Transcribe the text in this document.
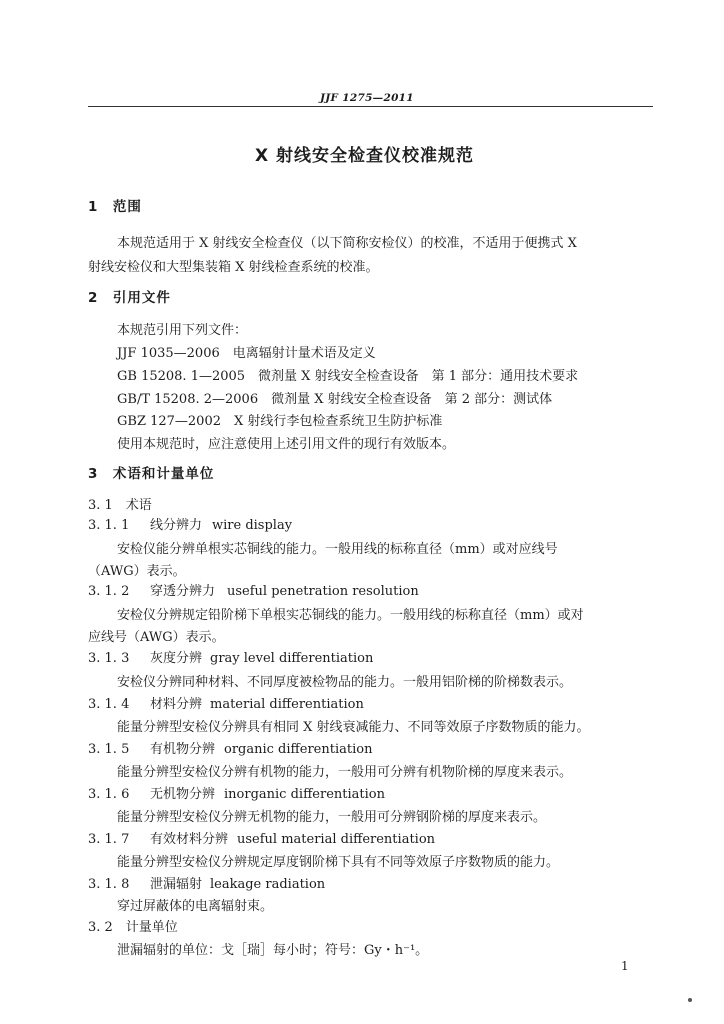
JJF 1275—2011
X 射线安全检查仪校准规范
1　范围
本规范适用于 X 射线安全检查仪（以下简称安检仪）的校准，不适用于便携式 X
射线安检仪和大型集装箱 X 射线检查系统的校准。
2　引用文件
本规范引用下列文件：
JJF 1035—2006　电离辐射计量术语及定义
GB 15208. 1—2005　微剂量 X 射线安全检查设备　第 1 部分：通用技术要求
GB/T 15208. 2—2006　微剂量 X 射线安全检查设备　第 2 部分：测试体
GBZ 127—2002　X 射线行李包检查系统卫生防护标准
使用本规范时，应注意使用上述引用文件的现行有效版本。
3　术语和计量单位
3. 1　术语
3. 1. 1 线分辨力 wire display
安检仪能分辨单根实芯铜线的能力。一般用线的标称直径（mm）或对应线号
（AWG）表示。
3. 1. 2 穿透分辨力 useful penetration resolution
安检仪分辨规定铅阶梯下单根实芯铜线的能力。一般用线的标称直径（mm）或对
应线号（AWG）表示。
3. 1. 3 灰度分辨 gray level differentiation
安检仪分辨同种材料、不同厚度被检物品的能力。一般用铝阶梯的阶梯数表示。
3. 1. 4 材料分辨 material differentiation
能量分辨型安检仪分辨具有相同 X 射线衰减能力、不同等效原子序数物质的能力。
3. 1. 5 有机物分辨 organic differentiation
能量分辨型安检仪分辨有机物的能力，一般用可分辨有机物阶梯的厚度来表示。
3. 1. 6 无机物分辨 inorganic differentiation
能量分辨型安检仪分辨无机物的能力，一般用可分辨钢阶梯的厚度来表示。
3. 1. 7 有效材料分辨 useful material differentiation
能量分辨型安检仪分辨规定厚度钢阶梯下具有不同等效原子序数物质的能力。
3. 1. 8 泄漏辐射 leakage radiation
穿过屏蔽体的电离辐射束。
3. 2　计量单位
泄漏辐射的单位：戈［瑞］每小时；符号：Gy・h⁻¹。
1
